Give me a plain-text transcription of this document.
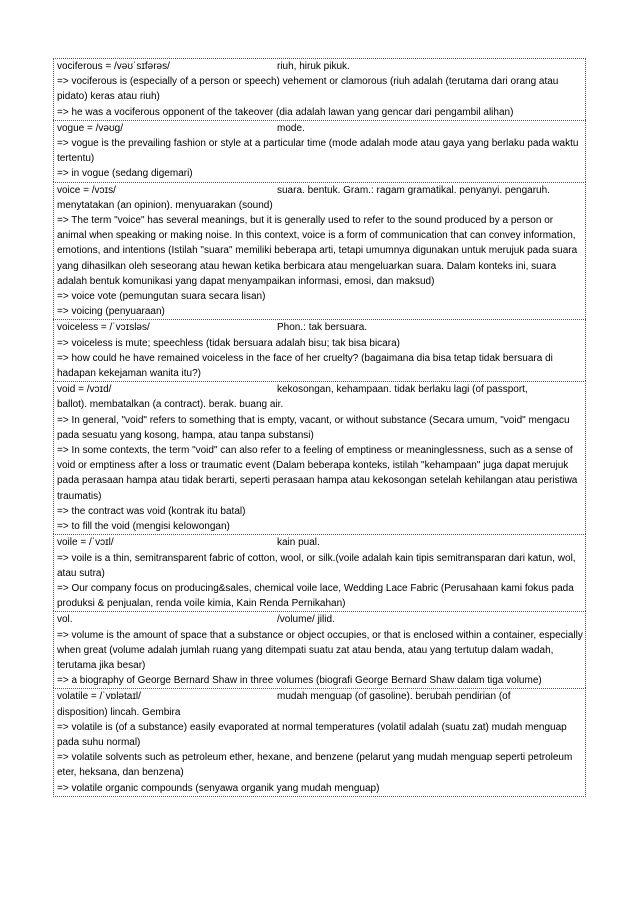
vociferous = /vəʊˈsɪfərəs/	riuh, hiruk pikuk.
=> vociferous is (especially of a person or speech) vehement or clamorous (riuh adalah (terutama dari orang atau pidato) keras atau riuh)
=> he was a vociferous opponent of the takeover (dia adalah lawan yang gencar dari pengambil alihan)
vogue = /vəʊɡ/	mode.
=> vogue is the prevailing fashion or style at a particular time (mode adalah mode atau gaya yang berlaku pada waktu tertentu)
=> in vogue (sedang digemari)
voice = /vɔɪs/	suara. bentuk. Gram.: ragam gramatikal. penyanyi. pengaruh.
menytatakan (an opinion). menyuarakan (sound)
=> The term "voice" has several meanings, but it is generally used to refer to the sound produced by a person or animal when speaking or making noise. In this context, voice is a form of communication that can convey information, emotions, and intentions (Istilah "suara" memiliki beberapa arti, tetapi umumnya digunakan untuk merujuk pada suara yang dihasilkan oleh seseorang atau hewan ketika berbicara atau mengeluarkan suara. Dalam konteks ini, suara adalah bentuk komunikasi yang dapat menyampaikan informasi, emosi, dan maksud)
=> voice vote (pemungutan suara secara lisan)
=> voicing (penyuaraan)
voiceless = /ˈvɔɪsləs/	Phon.: tak bersuara.
=> voiceless is mute; speechless (tidak bersuara adalah bisu; tak bisa bicara)
=> how could he have remained voiceless in the face of her cruelty? (bagaimana dia bisa tetap tidak bersuara di hadapan kekejaman wanita itu?)
void = /vɔɪd/	kekosongan, kehampaan. tidak berlaku lagi (of passport,
ballot). membatalkan (a contract). berak. buang air.
=> In general, "void" refers to something that is empty, vacant, or without substance (Secara umum, "void" mengacu pada sesuatu yang kosong, hampa, atau tanpa substansi)
=> In some contexts, the term "void" can also refer to a feeling of emptiness or meaninglessness, such as a sense of void or emptiness after a loss or traumatic event (Dalam beberapa konteks, istilah "kehampaan" juga dapat merujuk pada perasaan hampa atau tidak berarti, seperti perasaan hampa atau kekosongan setelah kehilangan atau peristiwa traumatis)
=> the contract was void (kontrak itu batal)
=> to fill the void (mengisi kelowongan)
voile = /ˈvɔɪl/	kain pual.
=> voile is a thin, semitransparent fabric of cotton, wool, or silk.(voile adalah kain tipis semitransparan dari katun, wol, atau sutra)
=> Our company focus on producing&sales, chemical voile lace, Wedding Lace Fabric (Perusahaan kami fokus pada produksi & penjualan, renda voile kimia, Kain Renda Pernikahan)
vol.	/volume/ jilid.
=> volume is the amount of space that a substance or object occupies, or that is enclosed within a container, especially when great (volume adalah jumlah ruang yang ditempati suatu zat atau benda, atau yang tertutup dalam wadah, terutama jika besar)
=> a biography of George Bernard Shaw in three volumes (biografi George Bernard Shaw dalam tiga volume)
volatile = /ˈvɒlətaɪl/	mudah menguap (of gasoline). berubah pendirian (of
disposition) lincah. Gembira
=> volatile is (of a substance) easily evaporated at normal temperatures (volatil adalah (suatu zat) mudah menguap pada suhu normal)
=> volatile solvents such as petroleum ether, hexane, and benzene (pelarut yang mudah menguap seperti petroleum eter, heksana, dan benzena)
=> volatile organic compounds (senyawa organik yang mudah menguap)
